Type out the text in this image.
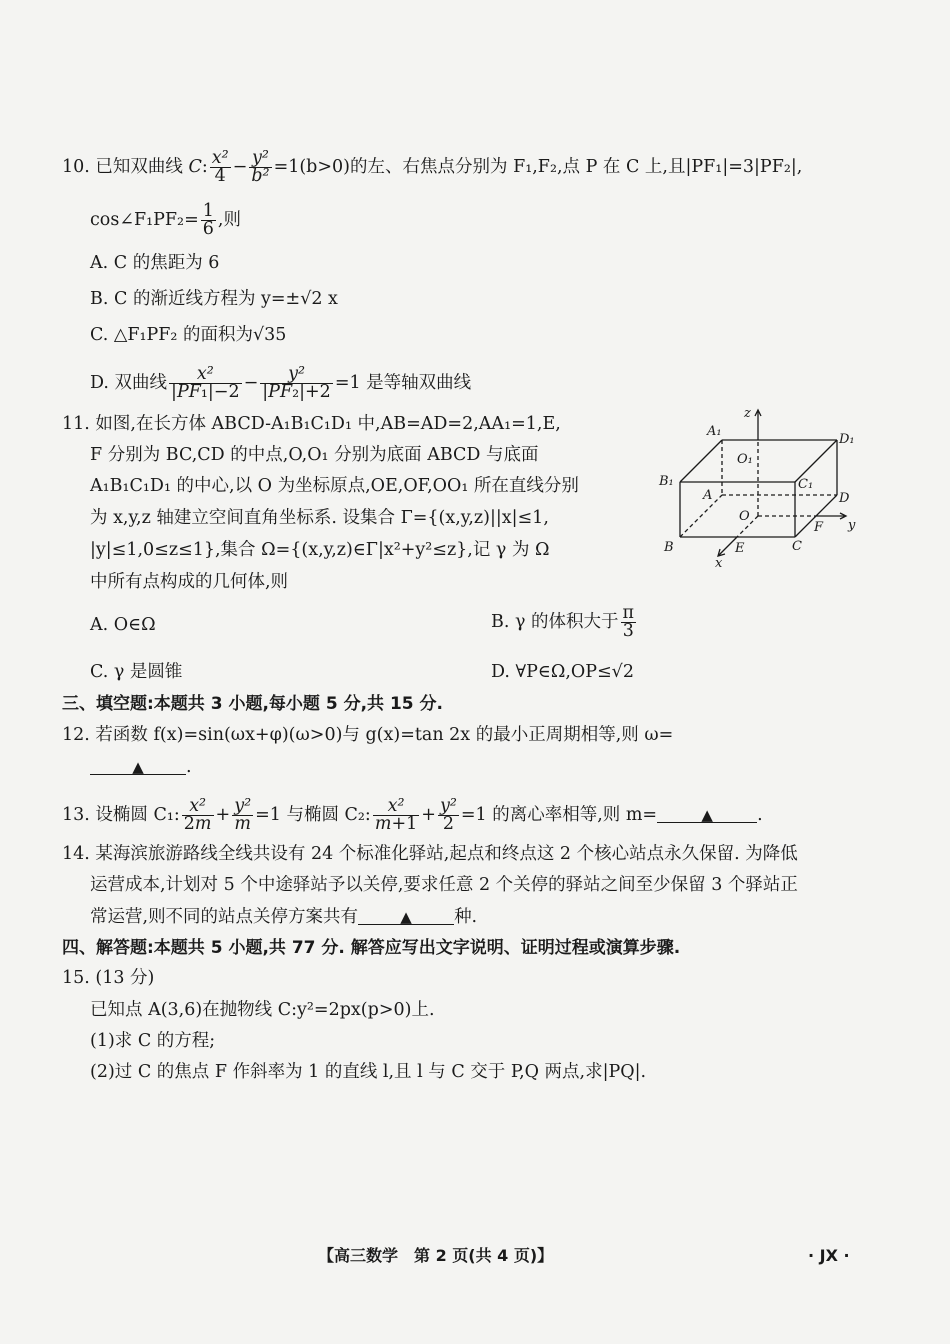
10. 已知双曲线 C: $\frac{\text{x²}}{4} - \frac{\text{y²}}{\text{b²}} =1(b>0)$的左、右焦点分别为 F₁,F₂,点 P 在 C 上,且|PF₁|=3|PF₂|,
cos∠F₁PF₂= $\frac{1}{6}$ ,则
A. C 的焦距为 6
B. C 的渐近线方程为 y=±√2 x
C. △F₁PF₂ 的面积为√35
D. 双曲线 $\frac{\text{x²}}{\text{|PF₁|−2}} - \frac{\text{y²}}{\text{|PF₂|+2}} =1$ 是等轴双曲线
11. 如图,在长方体 ABCD-A₁B₁C₁D₁ 中,AB=AD=2,AA₁=1,E,
F 分别为 BC,CD 的中点,O,O₁ 分别为底面 ABCD 与底面
A₁B₁C₁D₁ 的中心,以 O 为坐标原点,OE,OF,OO₁ 所在直线分别
为 x,y,z 轴建立空间直角坐标系. 设集合 Γ={(x,y,z)||x|≤1,
|y|≤1,0≤z≤1},集合 Ω={(x,y,z)∈Γ|x²+y²≤z},记 γ 为 Ω
中所有点构成的几何体,则
A₁
D₁
O₁
B₁	C₁
A	D
O
F y
B	E	C
x
z
A. O∈Ω	B. γ 的体积大于 $\frac{\pi}{3}$
C. γ 是圆锥	D. ∀P∈Ω,OP≤√2
三、填空题:本题共 3 小题,每小题 5 分,共 15 分.
12. 若函数 f(x)=sin(ωx+φ)(ω>0)与 g(x)=tan 2x 的最小正周期相等,则 ω=
▲ .
13. 设椭圆 C₁: $\frac{\text{x²}}{2m} + \frac{\text{y²}}{m} =1$ 与椭圆 C₂: $\frac{\text{x²}}{m+1} + \frac{\text{y²}}{2} =1$ 的离心率相等,则 m=	▲	.
14. 某海滨旅游路线全线共设有 24 个标准化驿站,起点和终点这 2 个核心站点永久保留. 为降低
运营成本,计划对 5 个中途驿站予以关停,要求任意 2 个关停的驿站之间至少保留 3 个驿站正
常运营,则不同的站点关停方案共有	▲ 种.
四、解答题:本题共 5 小题,共 77 分. 解答应写出文字说明、证明过程或演算步骤.
15. (13 分)
已知点 A(3,6)在抛物线 C:y²=2px(p>0)上.
(1)求 C 的方程;
(2)过 C 的焦点 F 作斜率为 1 的直线 l,且 l 与 C 交于 P,Q 两点,求|PQ|.
【高三数学　第 2 页(共 4 页)】	· JX ·
